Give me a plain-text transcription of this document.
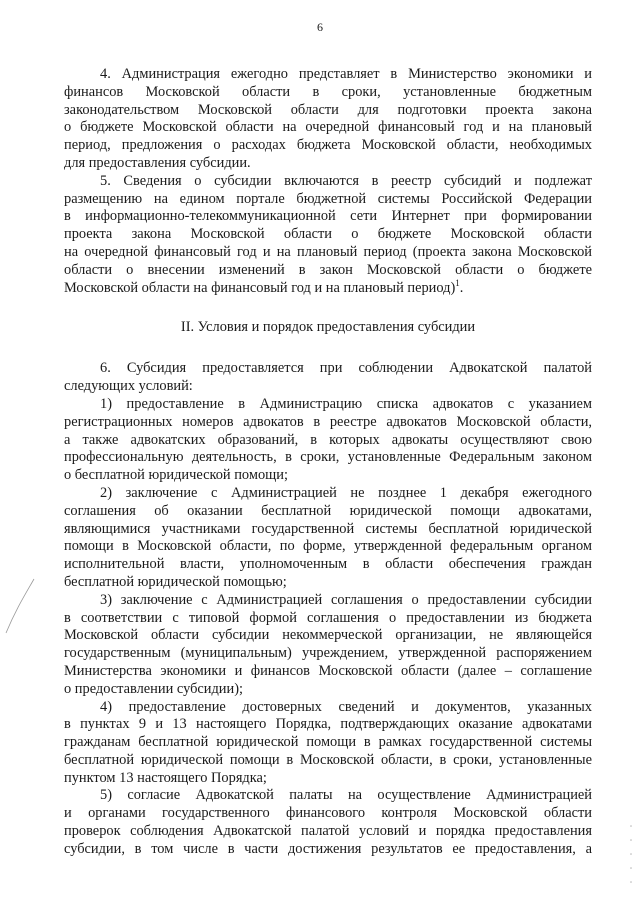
6

4. Администрация ежегодно представляет в Министерство экономики и
финансов Московской области в сроки, установленные бюджетным
законодательством Московской области для подготовки проекта закона
о бюджете Московской области на очередной финансовый год и на плановый
период, предложения о расходах бюджета Московской области, необходимых
для предоставления субсидии.

5. Сведения о субсидии включаются в реестр субсидий и подлежат
размещению на едином портале бюджетной системы Российской Федерации
в информационно-телекоммуникационной сети Интернет при формировании
проекта закона Московской области о бюджете Московской области
на очередной финансовый год и на плановый период (проекта закона Московской
области о внесении изменений в закон Московской области о бюджете
Московской области на финансовый год и на плановый период)$^1$.

II. Условия и порядок предоставления субсидии

6. Субсидия предоставляется при соблюдении Адвокатской палатой
следующих условий:

1) предоставление в Администрацию списка адвокатов с указанием
регистрационных номеров адвокатов в реестре адвокатов Московской области,
а также адвокатских образований, в которых адвокаты осуществляют свою
профессиональную деятельность, в сроки, установленные Федеральным законом
о бесплатной юридической помощи;

2) заключение с Администрацией не позднее 1 декабря ежегодного
соглашения об оказании бесплатной юридической помощи адвокатами,
являющимися участниками государственной системы бесплатной юридической
помощи в Московской области, по форме, утвержденной федеральным органом
исполнительной власти, уполномоченным в области обеспечения граждан
бесплатной юридической помощью;

3) заключение с Администрацией соглашения о предоставлении субсидии
в соответствии с типовой формой соглашения о предоставлении из бюджета
Московской области субсидии некоммерческой организации, не являющейся
государственным (муниципальным) учреждением, утвержденной распоряжением
Министерства экономики и финансов Московской области (далее – соглашение
о предоставлении субсидии);

4) предоставление достоверных сведений и документов, указанных
в пунктах 9 и 13 настоящего Порядка, подтверждающих оказание адвокатами
гражданам бесплатной юридической помощи в рамках государственной системы
бесплатной юридической помощи в Московской области, в сроки, установленные
пунктом 13 настоящего Порядка;

5) согласие Адвокатской палаты на осуществление Администрацией
и органами государственного финансового контроля Московской области
проверок соблюдения Адвокатской палатой условий и порядка предоставления
субсидии, в том числе в части достижения результатов ее предоставления, а
